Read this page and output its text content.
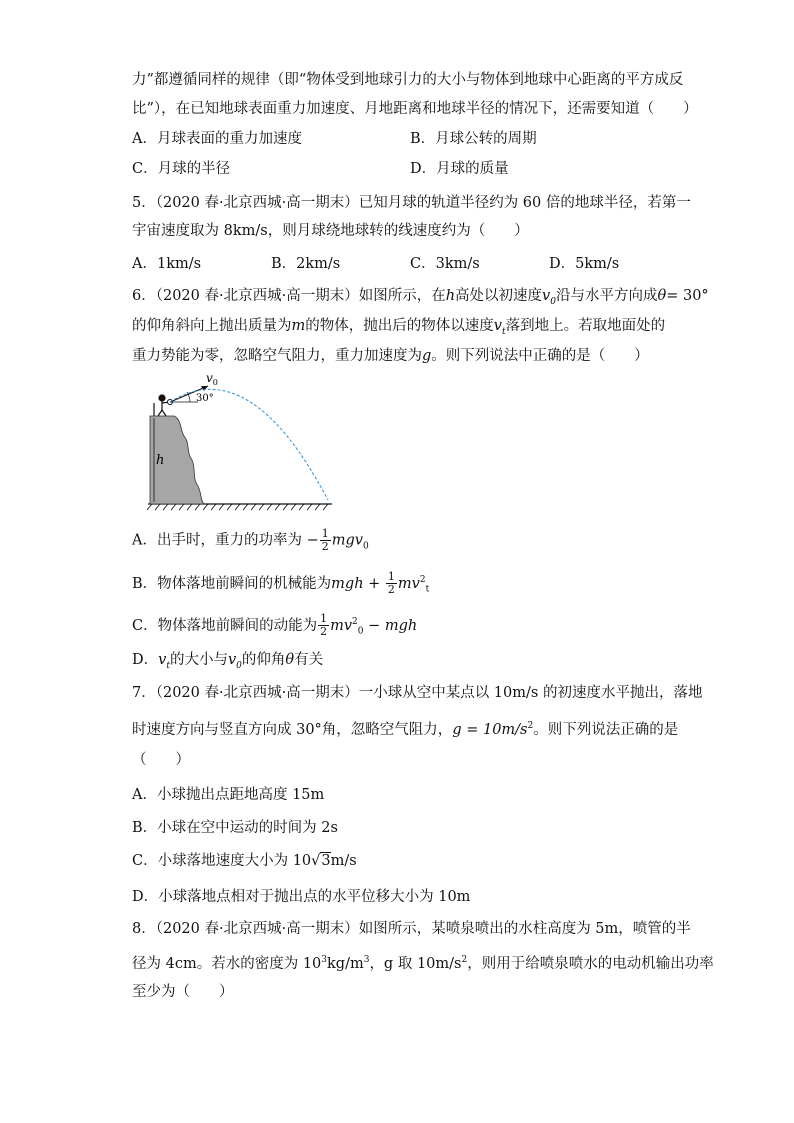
力”都遵循同样的规律（即“物体受到地球引力的大小与物体到地球中心距离的平方成反
比”），在已知地球表面重力加速度、月地距离和地球半径的情况下，还需要知道（　　）
A．月球表面的重力加速度	B．月球公转的周期
C．月球的半径	D．月球的质量
5．（2020 春·北京西城·高一期末）已知月球的轨道半径约为 60 倍的地球半径，若第一
宇宙速度取为 8km/s，则月球绕地球转的线速度约为（　　）
A．1km/s	B．2km/s	C．3km/s	D．5km/s
6．（2020 春·北京西城·高一期末）如图所示，在h高处以初速度$v_0$沿与水平方向成θ= 30°
的仰角斜向上抛出质量为m的物体，抛出后的物体以速度$v_t$落到地上。若取地面处的
重力势能为零，忽略空气阻力，重力加速度为g。则下列说法中正确的是（　　）
h
30°
$v_0$
A．出手时，重力的功率为 − $\frac{1}{2} mgv_0$
B．物体落地前瞬间的机械能为mgh + $\frac{1}{2} mv^2_t$
C．物体落地前瞬间的动能为 $\frac{1}{2} mv^2_0$ − mgh
D．$v_t$的大小与$v_0$的仰角θ有关
7．（2020 春·北京西城·高一期末）一小球从空中某点以 10m/s 的初速度水平抛出，落地
时速度方向与竖直方向成 30°角，忽略空气阻力，$g = 10m/s^2$。则下列说法正确的是
（　　）
A．小球抛出点距地高度 15m
B．小球在空中运动的时间为 2s
C．小球落地速度大小为 10√3m/s
D．小球落地点相对于抛出点的水平位移大小为 10m
8．（2020 春·北京西城·高一期末）如图所示，某喷泉喷出的水柱高度为 5m，喷管的半
径为 4cm。若水的密度为 $10^3kg/m^3$，g 取 $10m/s^2$，则用于给喷泉喷水的电动机输出功率
至少为（　　）
